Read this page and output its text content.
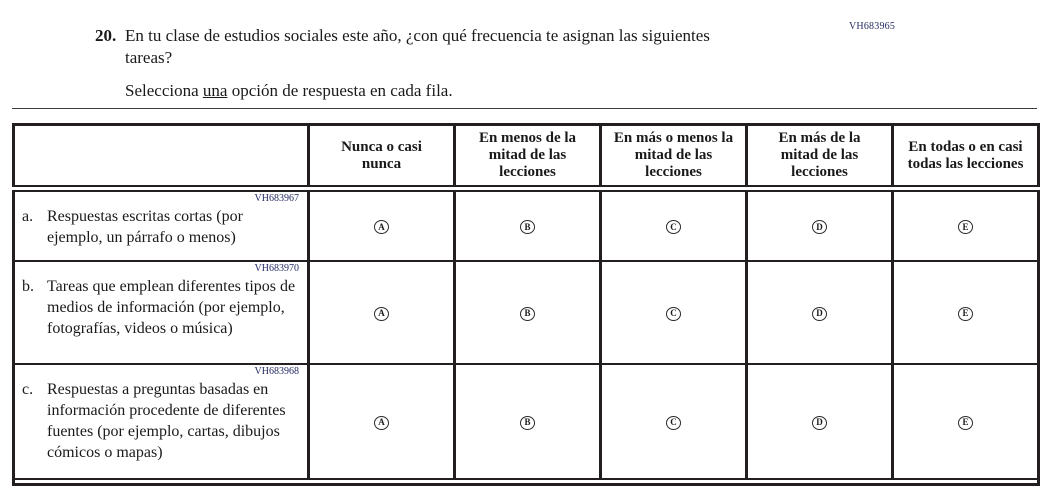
VH683965
20. En tu clase de estudios sociales este año, ¿con qué frecuencia te asignan las siguientes
tareas?
Selecciona una opción de respuesta en cada fila.
	Nunca o casi nunca	En menos de la mitad de las lecciones	En más o menos la mitad de las lecciones	En más de la mitad de las lecciones	En todas o en casi todas las lecciones

VH683967
a. Respuestas escritas cortas (por ejemplo, un párrafo o menos)	A	B	C	D	E

VH683970
b. Tareas que emplean diferentes tipos de medios de información (por ejemplo, fotografías, videos o música)	A	B	C	D	E

VH683968
c. Respuestas a preguntas basadas en información procedente de diferentes fuentes (por ejemplo, cartas, dibujos cómicos o mapas)	A	B	C	D	E
